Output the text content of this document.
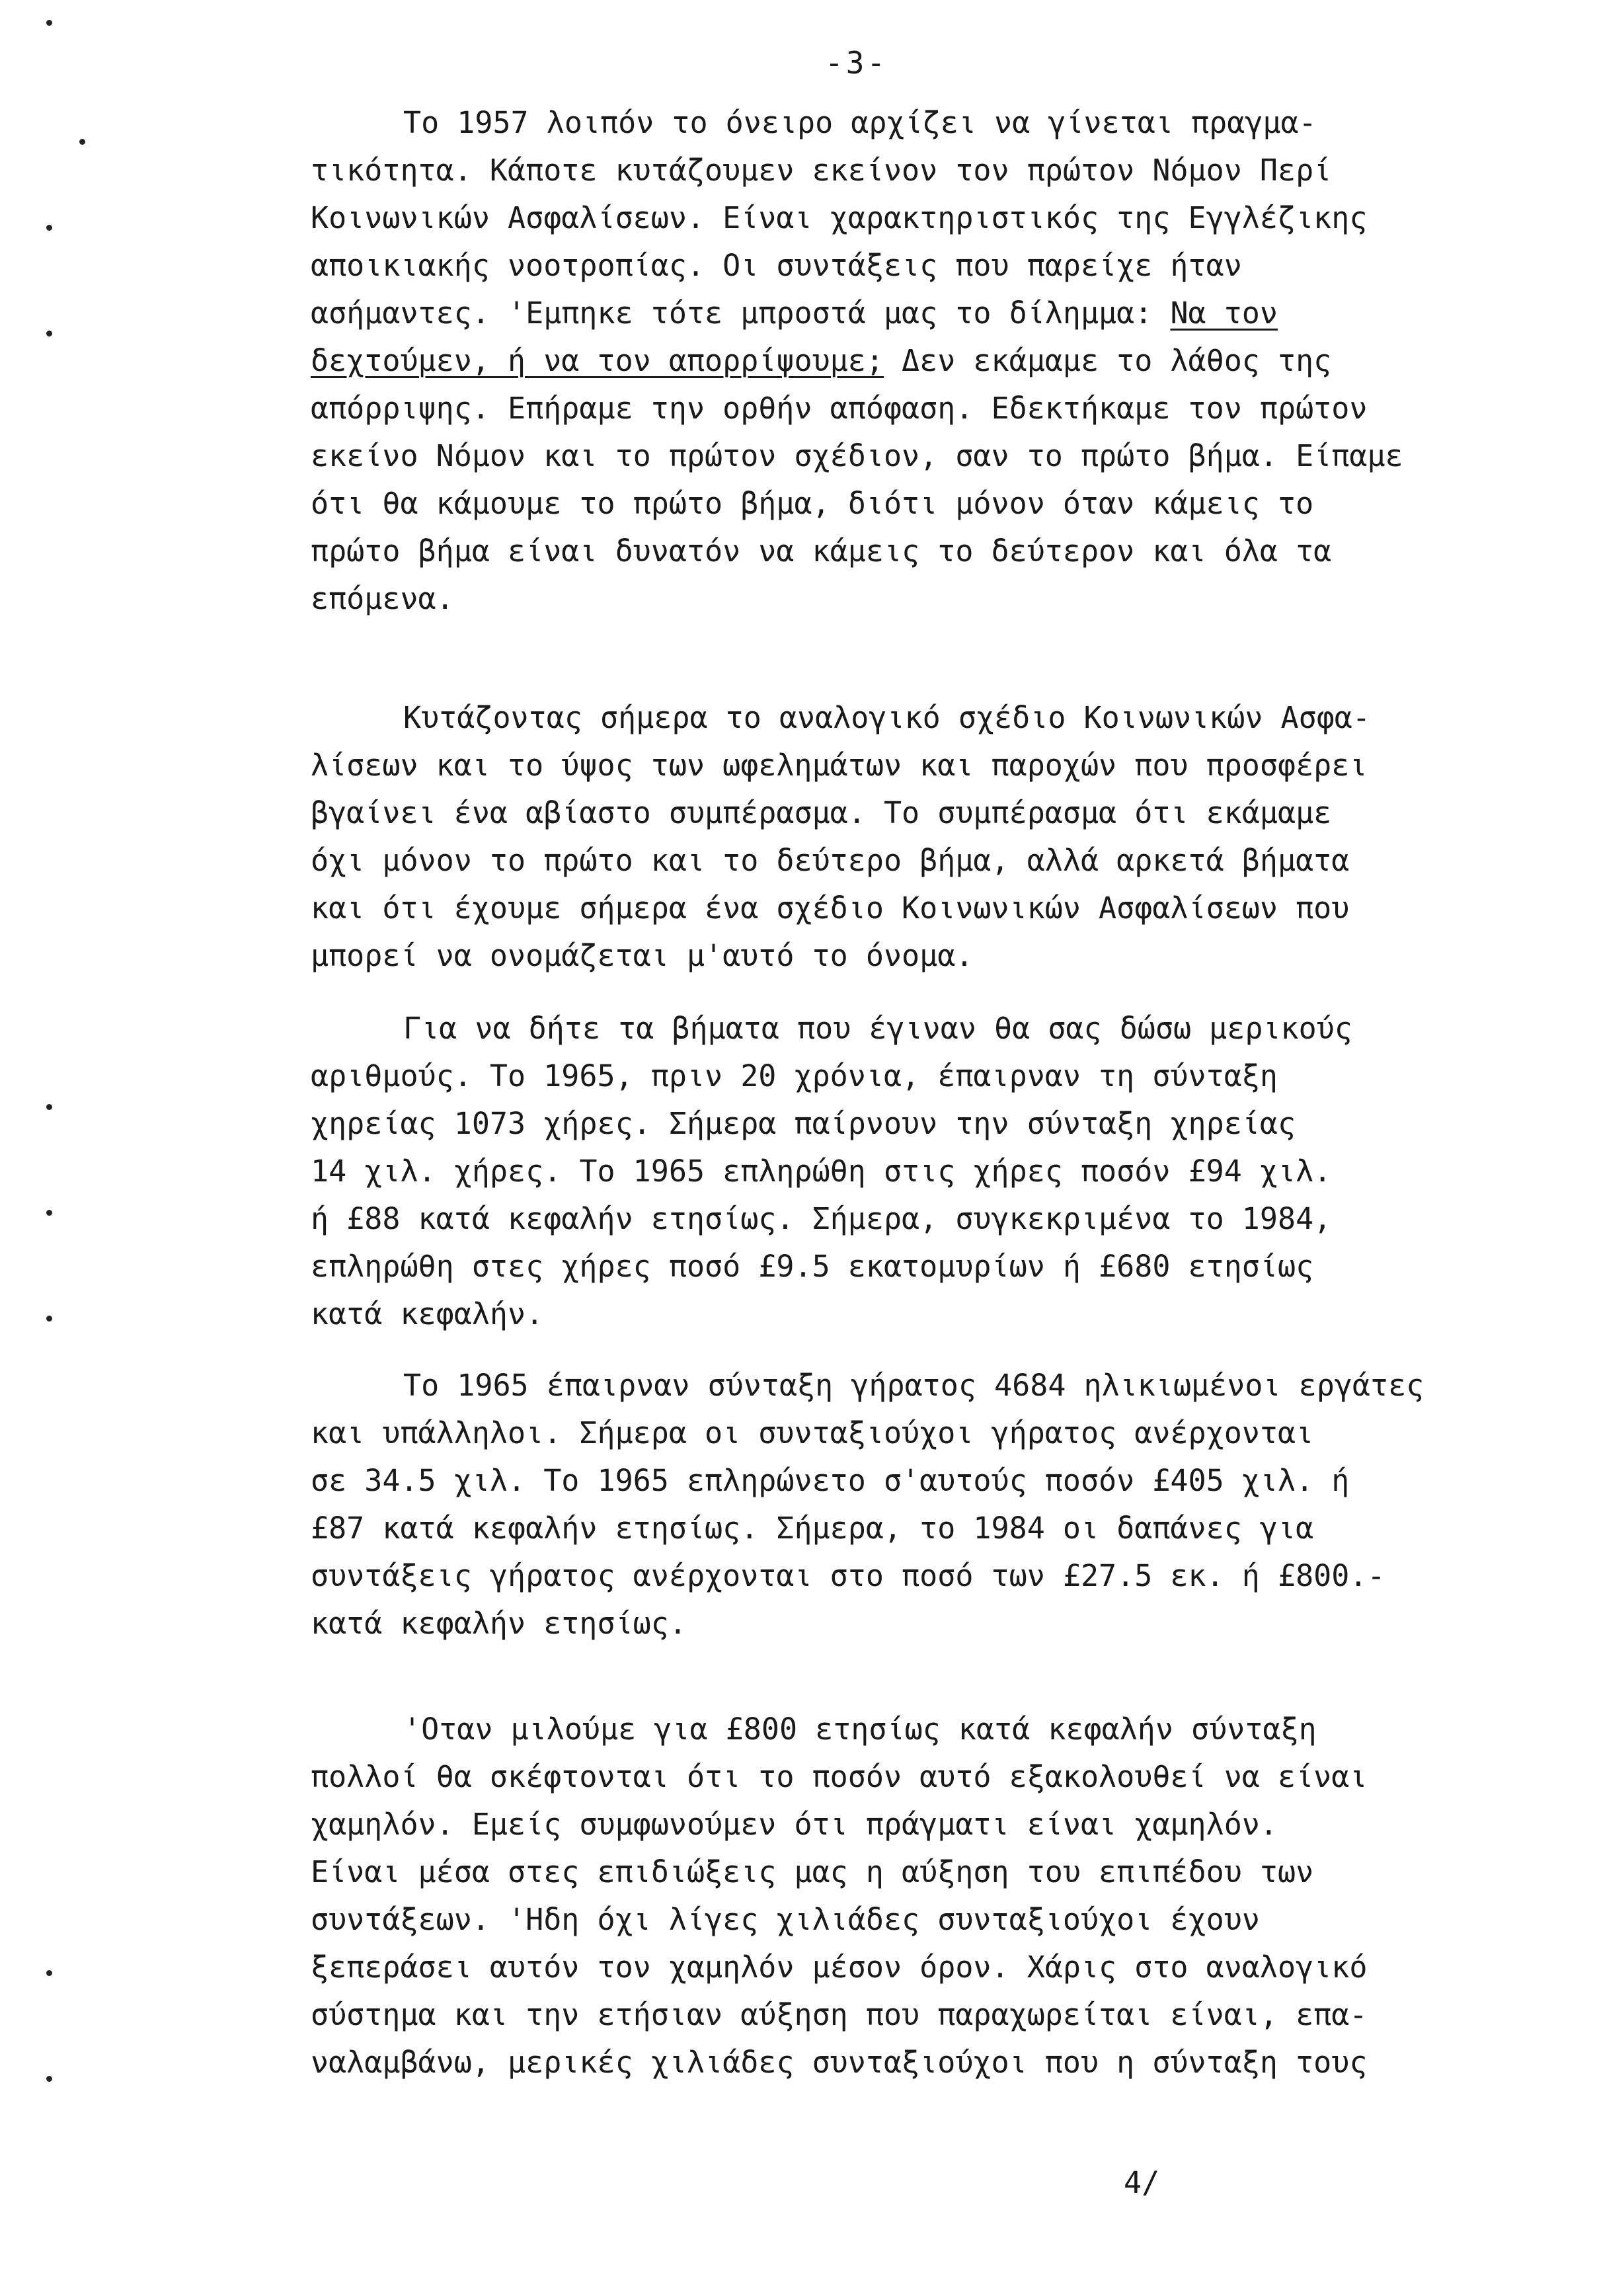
-3-
Το 1957 λοιπόν το όνειρο αρχίζει να γίνεται πραγμα-
τικότητα. Κάποτε κυτάζουμεν εκείνον τον πρώτον Νόμον Περί
Κοινωνικών Ασφαλίσεων. Είναι χαρακτηριστικός της Εγγλέζικης
αποικιακής νοοτροπίας. Οι συντάξεις που παρείχε ήταν
ασήμαντες. 'Εμπηκε τότε μπροστά μας το δίλημμα: Να τον
δεχτούμεν, ή να τον απορρίψουμε; Δεν εκάμαμε το λάθος της
απόρριψης. Επήραμε την ορθήν απόφαση. Εδεκτήκαμε τον πρώτον
εκείνο Νόμον και το πρώτον σχέδιον, σαν το πρώτο βήμα. Είπαμε
ότι θα κάμουμε το πρώτο βήμα, διότι μόνον όταν κάμεις το
πρώτο βήμα είναι δυνατόν να κάμεις το δεύτερον και όλα τα
επόμενα.
Κυτάζοντας σήμερα το αναλογικό σχέδιο Κοινωνικών Ασφα-
λίσεων και το ύψος των ωφελημάτων και παροχών που προσφέρει
βγαίνει ένα αβίαστο συμπέρασμα. Το συμπέρασμα ότι εκάμαμε
όχι μόνον το πρώτο και το δεύτερο βήμα, αλλά αρκετά βήματα
και ότι έχουμε σήμερα ένα σχέδιο Κοινωνικών Ασφαλίσεων που
μπορεί να ονομάζεται μ'αυτό το όνομα.
Για να δήτε τα βήματα που έγιναν θα σας δώσω μερικούς
αριθμούς. Το 1965, πριν 20 χρόνια, έπαιρναν τη σύνταξη
χηρείας 1073 χήρες. Σήμερα παίρνουν την σύνταξη χηρείας
14 χιλ. χήρες. Το 1965 επληρώθη στις χήρες ποσόν £94 χιλ.
ή £88 κατά κεφαλήν ετησίως. Σήμερα, συγκεκριμένα το 1984,
επληρώθη στες χήρες ποσό £9.5 εκατομυρίων ή £680 ετησίως
κατά κεφαλήν.
Το 1965 έπαιρναν σύνταξη γήρατος 4684 ηλικιωμένοι εργάτες
και υπάλληλοι. Σήμερα οι συνταξιούχοι γήρατος ανέρχονται
σε 34.5 χιλ. Το 1965 επληρώνετο σ'αυτούς ποσόν £405 χιλ. ή
£87 κατά κεφαλήν ετησίως. Σήμερα, το 1984 οι δαπάνες για
συντάξεις γήρατος ανέρχονται στο ποσό των £27.5 εκ. ή £800.-
κατά κεφαλήν ετησίως.
'Οταν μιλούμε για £800 ετησίως κατά κεφαλήν σύνταξη
πολλοί θα σκέφτονται ότι το ποσόν αυτό εξακολουθεί να είναι
χαμηλόν. Εμείς συμφωνούμεν ότι πράγματι είναι χαμηλόν.
Είναι μέσα στες επιδιώξεις μας η αύξηση του επιπέδου των
συντάξεων. 'Ηδη όχι λίγες χιλιάδες συνταξιούχοι έχουν
ξεπεράσει αυτόν τον χαμηλόν μέσον όρον. Χάρις στο αναλογικό
σύστημα και την ετήσιαν αύξηση που παραχωρείται είναι, επα-
ναλαμβάνω, μερικές χιλιάδες συνταξιούχοι που η σύνταξη τους
4/
